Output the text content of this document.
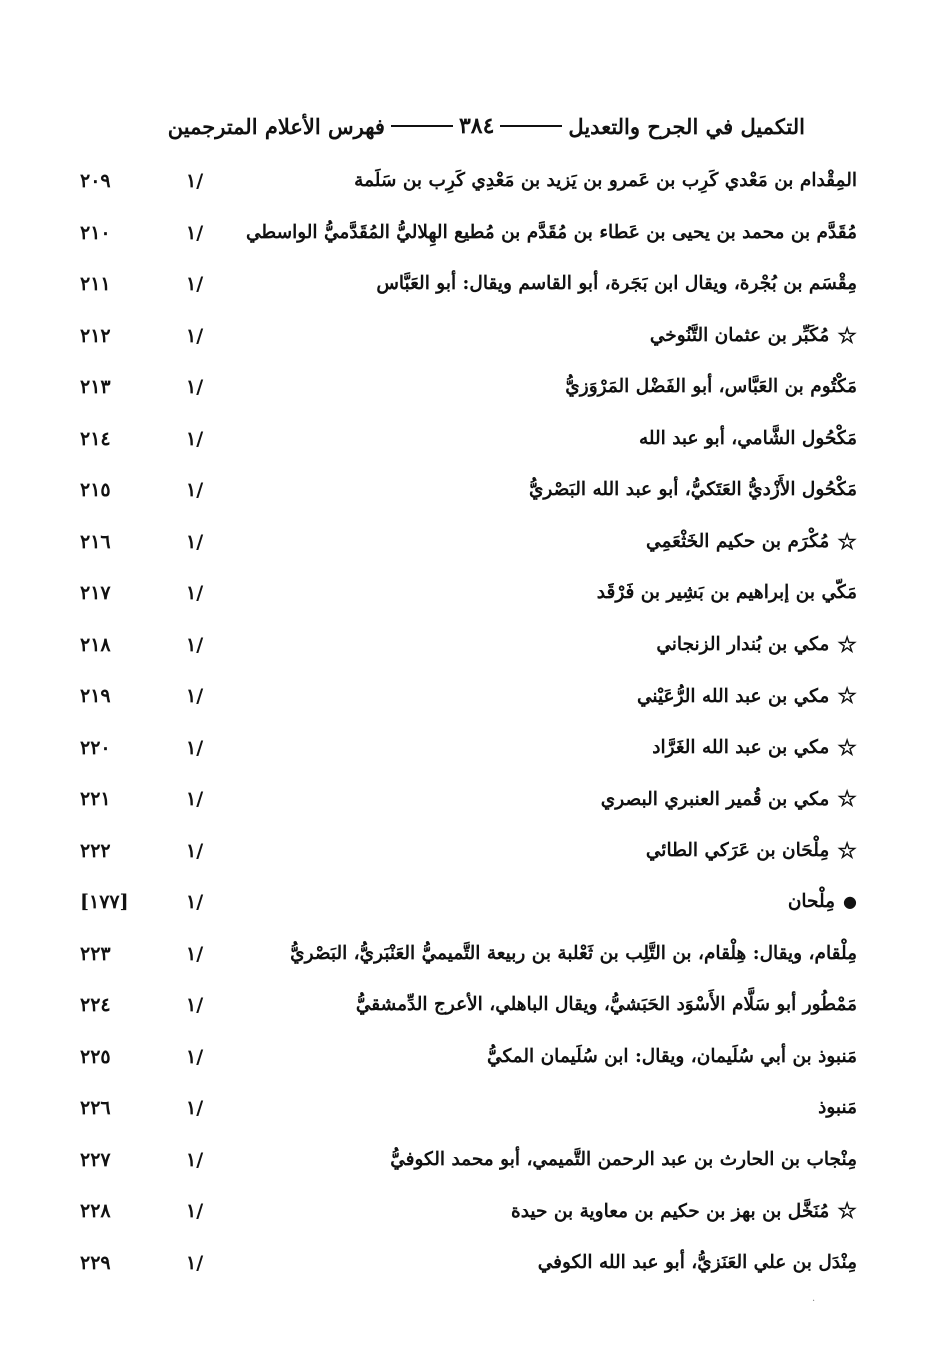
التكميل في الجرح والتعديل
٣٨٤
فهرس الأعلام المترجمين
المِقْدام بن مَعْدي كَرِب بن عَمرو بن يَزيد بن مَعْدِي كَرِب بن سَلَمة
١/
٢٠٩
مُقَدَّم بن محمد بن يحيى بن عَطاء بن مُقَدَّم بن مُطيع الهِلاليُّ المُقَدَّميُّ الواسطي
١/
٢١٠
مِقْسَم بن بُجْرة، ويقال ابن بَجَرة، أبو القاسم ويقال: أبو العَبَّاس
١/
٢١١
☆
مُكَبِّر بن عثمان التَّنُوخي
١/
٢١٢
مَكْتُوم بن العَبَّاس، أبو الفَضْل المَرْوَزيُّ
١/
٢١٣
مَكْحُول الشَّامي، أبو عبد الله
١/
٢١٤
مَكْحُول الأَزْديُّ العَتَكيُّ، أبو عبد الله البَصْريُّ
١/
٢١٥
☆
مُكْرَم بن حكيم الخَثْعَمِي
١/
٢١٦
مَكّي بن إبراهيم بن بَشِير بن فَرْقَد
١/
٢١٧
☆
مكي بن بُندار الزنجاني
١/
٢١٨
☆
مكي بن عبد الله الرُّعَيْني
١/
٢١٩
☆
مكي بن عبد الله الغَرَّاد
١/
٢٢٠
☆
مكي بن قُمير العنبري البصري
١/
٢٢١
☆
مِلْحَان بن عَرَكي الطائي
١/
٢٢٢
●
مِلْحان
١/
[١٧٧]
مِلْقام، ويقال: هِلْقام، بن التَّلِب بن ثَعْلبة بن ربيعة التَّميميُّ العَنْبَريُّ، البَصْريُّ
١/
٢٢٣
مَمْطُور أبو سَلَّام الأَسْوَد الحَبَشيُّ، ويقال الباهلي، الأعرج الدِّمشقيُّ
١/
٢٢٤
مَنبوذ بن أبي سُلَيمان، ويقال: ابن سُلَيمان المكيُّ
١/
٢٢٥
مَنبوذ
١/
٢٢٦
مِنْجاب بن الحارث بن عبد الرحمن التَّميمي، أبو محمد الكوفيُّ
١/
٢٢٧
☆
مُنَخَّل بن بهز بن حكيم بن معاوية بن حيدة
١/
٢٢٨
مِنْدَل بن علي العَنَزيُّ، أبو عبد الله الكوفي
١/
٢٢٩
·
